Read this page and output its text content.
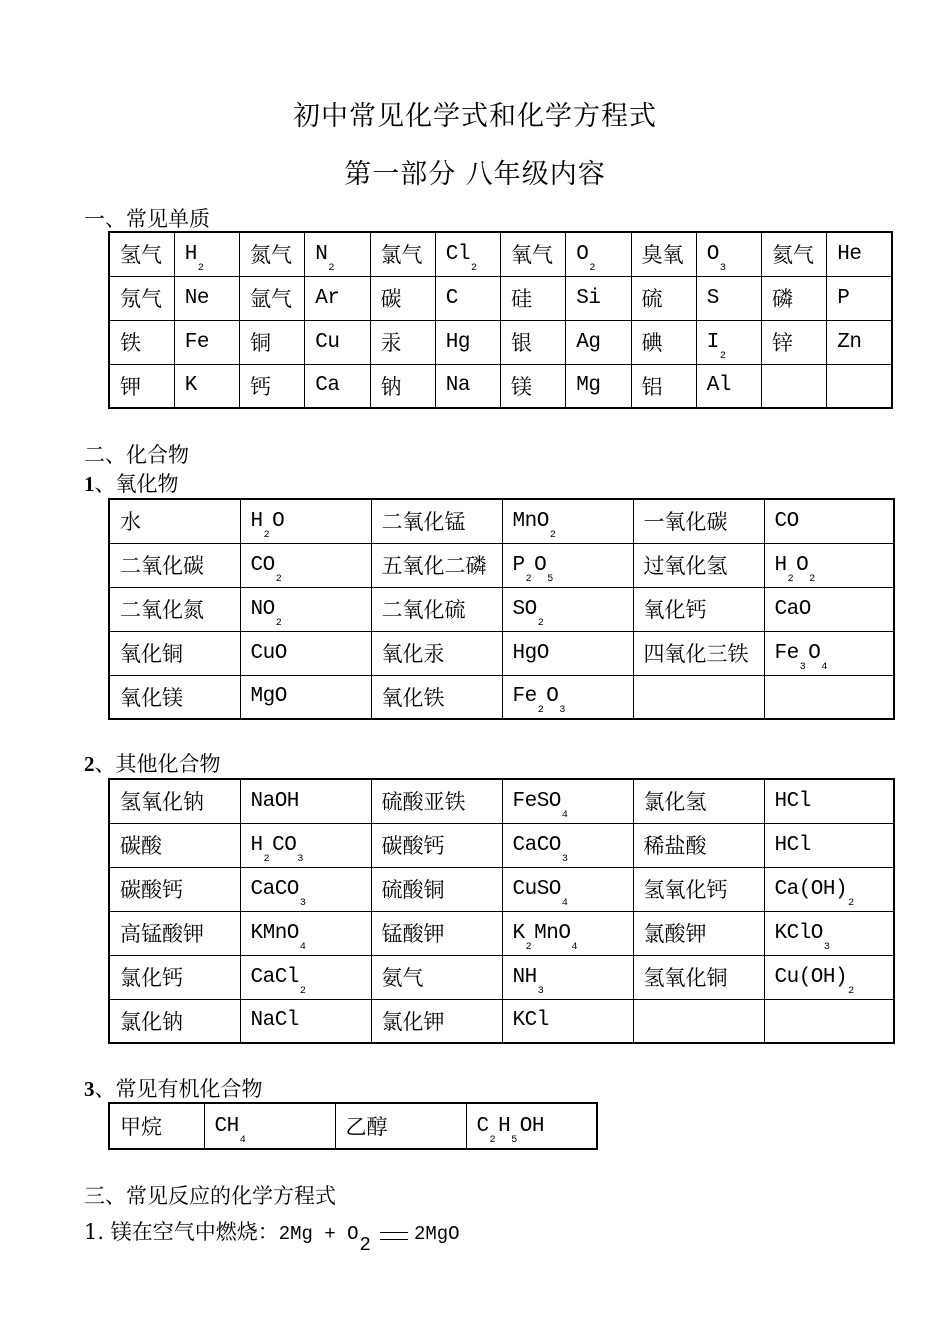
初中常见化学式和化学方程式
第一部分 八年级内容
一、常见单质
氢气	$H_2$	氮气	$N_2$	氯气	$Cl_2$	氧气	$O_2$	臭氧	$O_3$	氦气	He
氖气	Ne	氩气	Ar	碳	C	硅	Si	硫	S	磷	P
铁	Fe	铜	Cu	汞	Hg	银	Ag	碘	$I_2$	锌	Zn
钾	K	钙	Ca	钠	Na	镁	Mg	铝	Al		
二、化合物
1、氧化物
水	$H_2O$	二氧化锰	MnO$_2$	一氧化碳	CO
二氧化碳	$CO_2$	五氧化二磷	$P_2O_5$	过氧化氢	$H_2O_2$
二氧化氮	$NO_2$	二氧化硫	$SO_2$	氧化钙	CaO
氧化铜	CuO	氧化汞	HgO	四氧化三铁	$Fe_3O_4$
氧化镁	MgO	氧化铁	$Fe_2O_3$		
2、其他化合物
氢氧化钠	NaOH	硫酸亚铁	FeSO$_4$	氯化氢	HCl
碳酸	$H_2CO_3$	碳酸钙	CaCO$_3$	稀盐酸	HCl
碳酸钙	CaCO$_3$	硫酸铜	CuSO$_4$	氢氧化钙	$Ca(OH)_2$
高锰酸钾	KMnO$_4$	锰酸钾	$K_2MnO_4$	氯酸钾	KClO$_3$
氯化钙	CaCl$_2$	氨气	$NH_3$	氢氧化铜	$Cu(OH)_2$
氯化钠	NaCl	氯化钾	KCl		
3、常见有机化合物
甲烷	$CH_4$	乙醇	$C_2H_5OH$
三、常见反应的化学方程式
1. 镁在空气中燃烧：2Mg + O2 2MgO
